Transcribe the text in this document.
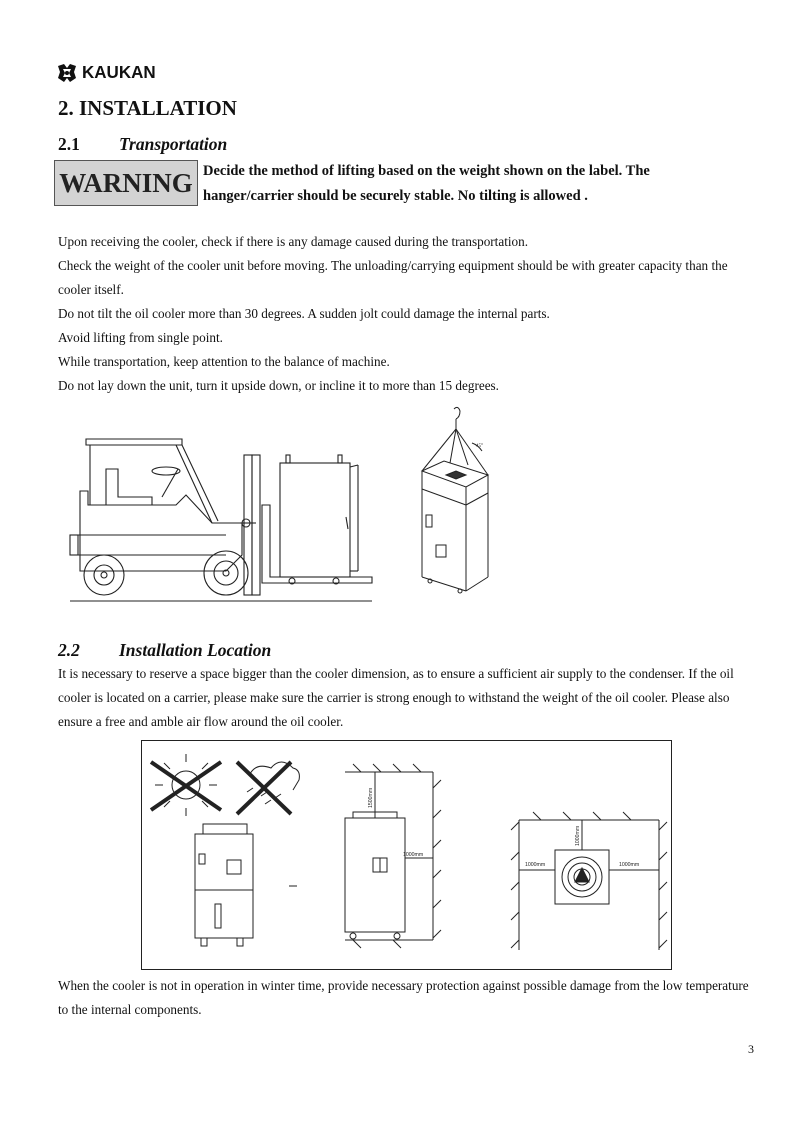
KAUKAN
2. INSTALLATION
2.1 Transportation
WARNING Decide the method of lifting based on the weight shown on the label. The hanger/carrier should be securely stable. No tilting is allowed .
Upon receiving the cooler, check if there is any damage caused during the transportation.
Check the weight of the cooler unit before moving. The unloading/carrying equipment should be with greater capacity than the cooler itself.
Do not tilt the oil cooler more than 30 degrees. A sudden jolt could damage the internal parts.
Avoid lifting from single point.
While transportation, keep attention to the balance of machine.
Do not lay down the unit, turn it upside down, or incline it to more than 15 degrees.
45°
2.2 Installation Location
It is necessary to reserve a space bigger than the cooler dimension, as to ensure a sufficient air supply to the condenser. If the oil cooler is located on a carrier, please make sure the carrier is strong enough to withstand the weight of the oil cooler. Please also ensure a free and amble air flow around the oil cooler.
1500mm
1000mm
1000mm
1000mm	1000mm
When the cooler is not in operation in winter time, provide necessary protection against possible damage from the low temperature to the internal components.
3
